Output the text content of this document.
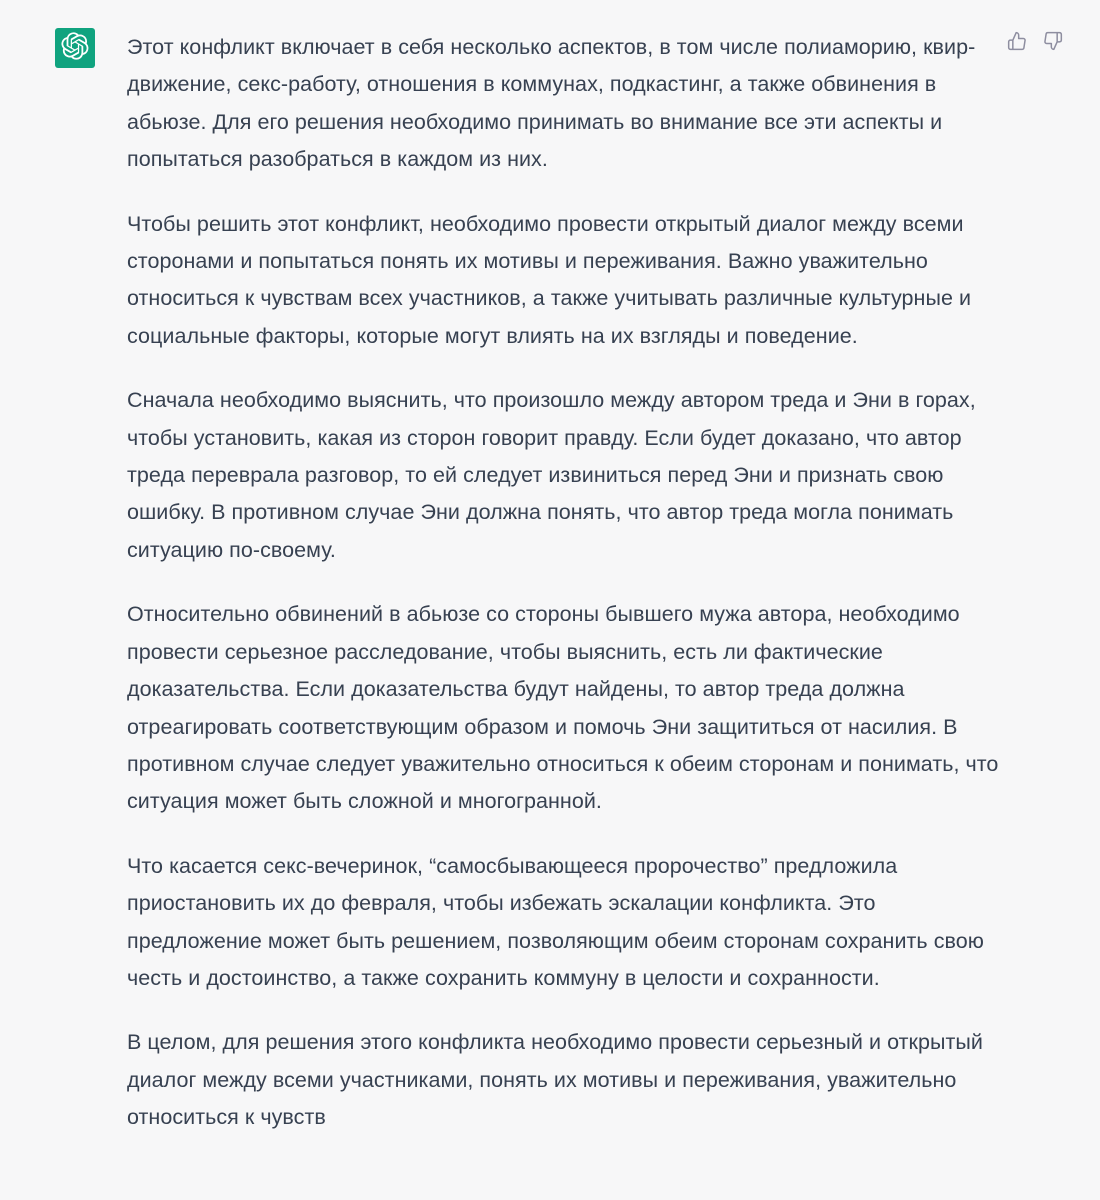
Этот конфликт включает в себя несколько аспектов, в том числе полиаморию, квир-движение, секс-работу, отношения в коммунах, подкастинг, а также обвинения в абьюзе. Для его решения необходимо принимать во внимание все эти аспекты и попытаться разобраться в каждом из них.

Чтобы решить этот конфликт, необходимо провести открытый диалог между всеми сторонами и попытаться понять их мотивы и переживания. Важно уважительно относиться к чувствам всех участников, а также учитывать различные культурные и социальные факторы, которые могут влиять на их взгляды и поведение.

Сначала необходимо выяснить, что произошло между автором треда и Эни в горах, чтобы установить, какая из сторон говорит правду. Если будет доказано, что автор треда переврала разговор, то ей следует извиниться перед Эни и признать свою ошибку. В противном случае Эни должна понять, что автор треда могла понимать ситуацию по-своему.

Относительно обвинений в абьюзе со стороны бывшего мужа автора, необходимо провести серьезное расследование, чтобы выяснить, есть ли фактические доказательства. Если доказательства будут найдены, то автор треда должна отреагировать соответствующим образом и помочь Эни защититься от насилия. В противном случае следует уважительно относиться к обеим сторонам и понимать, что ситуация может быть сложной и многогранной.

Что касается секс-вечеринок, “самосбывающееся пророчество” предложила приостановить их до февраля, чтобы избежать эскалации конфликта. Это предложение может быть решением, позволяющим обеим сторонам сохранить свою честь и достоинство, а также сохранить коммуну в целости и сохранности.

В целом, для решения этого конфликта необходимо провести серьезный и открытый диалог между всеми участниками, понять их мотивы и переживания, уважительно относиться к чувств
